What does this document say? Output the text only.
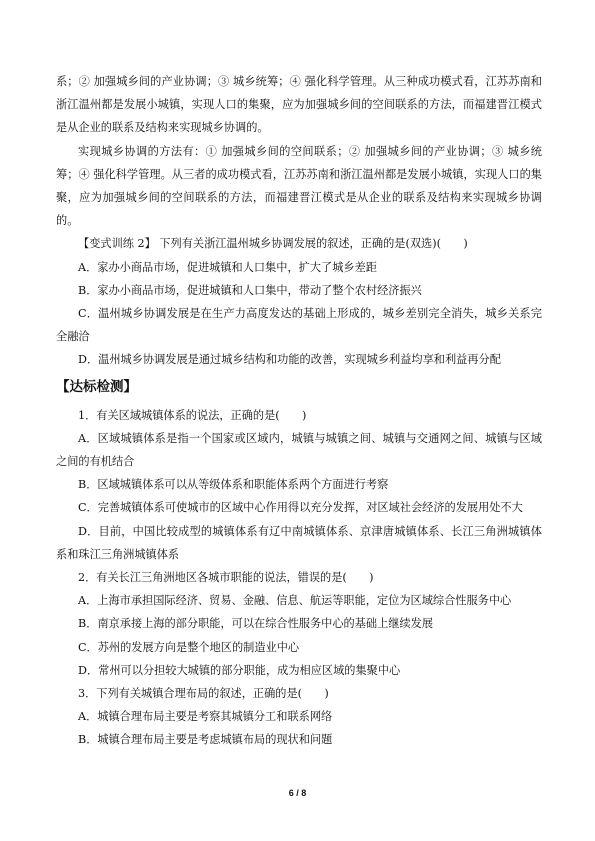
系；② 加强城乡间的产业协调；③ 城乡统筹；④ 强化科学管理。从三种成功模式看，江苏苏南和浙江温州都是发展小城镇，实现人口的集聚，应为加强城乡间的空间联系的方法，而福建晋江模式是从企业的联系及结构来实现城乡协调的。

实现城乡协调的方法有：① 加强城乡间的空间联系；② 加强城乡间的产业协调；③ 城乡统筹；④ 强化科学管理。从三者的成功模式看，江苏苏南和浙江温州都是发展小城镇，实现人口的集聚，应为加强城乡间的空间联系的方法，而福建晋江模式是从企业的联系及结构来实现城乡协调的。

【变式训练 2】 下列有关浙江温州城乡协调发展的叙述，正确的是(双选)(　　)

A．家办小商品市场，促进城镇和人口集中，扩大了城乡差距

B．家办小商品市场，促进城镇和人口集中，带动了整个农村经济振兴

C．温州城乡协调发展是在生产力高度发达的基础上形成的，城乡差别完全消失，城乡关系完全融洽

D．温州城乡协调发展是通过城乡结构和功能的改善，实现城乡利益均享和利益再分配

【达标检测】

1．有关区域城镇体系的说法，正确的是(　　)

A．区域城镇体系是指一个国家或区域内，城镇与城镇之间、城镇与交通网之间、城镇与区域之间的有机结合

B．区域城镇体系可以从等级体系和职能体系两个方面进行考察

C．完善城镇体系可使城市的区域中心作用得以充分发挥，对区域社会经济的发展用处不大

D．目前，中国比较成型的城镇体系有辽中南城镇体系、京津唐城镇体系、长江三角洲城镇体系和珠江三角洲城镇体系

2．有关长江三角洲地区各城市职能的说法，错误的是(　　)

A．上海市承担国际经济、贸易、金融、信息、航运等职能，定位为区域综合性服务中心

B．南京承接上海的部分职能，可以在综合性服务中心的基础上继续发展

C．苏州的发展方向是整个地区的制造业中心

D．常州可以分担较大城镇的部分职能，成为相应区域的集聚中心

3．下列有关城镇合理布局的叙述，正确的是(　　)

A．城镇合理布局主要是考察其城镇分工和联系网络

B．城镇合理布局主要是考虑城镇布局的现状和问题

6 / 8
